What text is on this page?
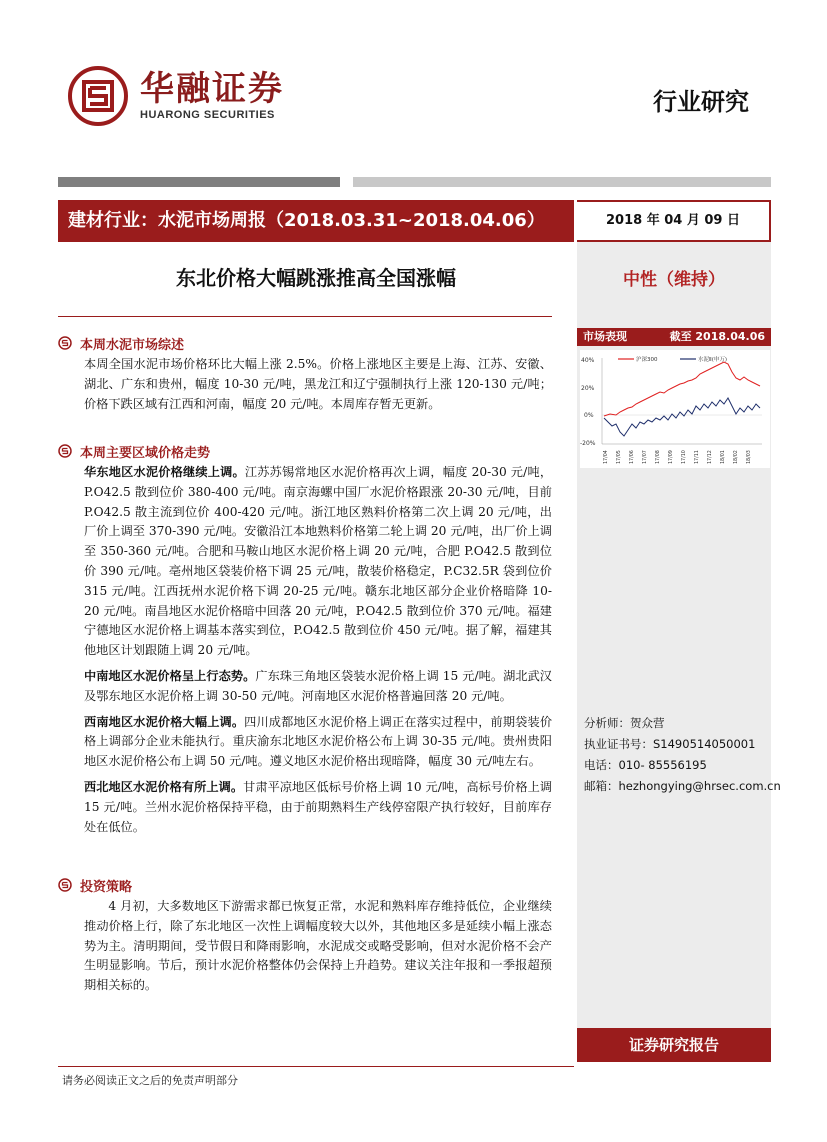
华融证券
HUARONG SECURITIES	行业研究
建材行业：水泥市场周报（2018.03.31~2018.04.06）	2018 年 04 月 09 日
东北价格大幅跳涨推高全国涨幅	中性（维持）
市场表现	截至 2018.04.06
40%
20%
0%
-20%
沪深300	水泥Ⅱ(申万)
17/04 17/05 17/06 17/07 17/08 17/09 17/10 17/11 17/12 18/01 18/02 18/03
分析师：贺众营
执业证书号：S1490514050001
电话：010- 85556195
邮箱：hezhongying@hrsec.com.cn
证券研究报告
本周水泥市场综述

本周全国水泥市场价格环比大幅上涨 2.5%。价格上涨地区主要是上海、江苏、安徽、湖北、广东和贵州，幅度 10-30 元/吨，黑龙江和辽宁强制执行上涨 120-130 元/吨；价格下跌区域有江西和河南，幅度 20 元/吨。本周库存暂无更新。

本周主要区域价格走势

华东地区水泥价格继续上调。江苏苏锡常地区水泥价格再次上调，幅度 20-30 元/吨，P.O42.5 散到位价 380-400 元/吨。南京海螺中国厂水泥价格跟涨 20-30 元/吨，目前 P.O42.5 散主流到位价 400-420 元/吨。浙江地区熟料价格第二次上调 20 元/吨，出厂价上调至 370-390 元/吨。安徽沿江本地熟料价格第二轮上调 20 元/吨，出厂价上调至 350-360 元/吨。合肥和马鞍山地区水泥价格上调 20 元/吨，合肥 P.O42.5 散到位价 390 元/吨。亳州地区袋装价格下调 25 元/吨，散装价格稳定，P.C32.5R 袋到位价 315 元/吨。江西抚州水泥价格下调 20-25 元/吨。赣东北地区部分企业价格暗降 10-20 元/吨。南昌地区水泥价格暗中回落 20 元/吨，P.O42.5 散到位价 370 元/吨。福建宁德地区水泥价格上调基本落实到位，P.O42.5 散到位价 450 元/吨。据了解，福建其他地区计划跟随上调 20 元/吨。

中南地区水泥价格呈上行态势。广东珠三角地区袋装水泥价格上调 15 元/吨。湖北武汉及鄂东地区水泥价格上调 30-50 元/吨。河南地区水泥价格普遍回落 20 元/吨。

西南地区水泥价格大幅上调。四川成都地区水泥价格上调正在落实过程中，前期袋装价格上调部分企业未能执行。重庆渝东北地区水泥价格公布上调 30-35 元/吨。贵州贵阳地区水泥价格公布上调 50 元/吨。遵义地区水泥价格出现暗降，幅度 30 元/吨左右。

西北地区水泥价格有所上调。甘肃平凉地区低标号价格上调 10 元/吨，高标号价格上调 15 元/吨。兰州水泥价格保持平稳，由于前期熟料生产线停窑限产执行较好，目前库存处在低位。

投资策略

4 月初，大多数地区下游需求都已恢复正常，水泥和熟料库存维持低位，企业继续推动价格上行，除了东北地区一次性上调幅度较大以外，其他地区多是延续小幅上涨态势为主。清明期间，受节假日和降雨影响，水泥成交或略受影响，但对水泥价格不会产生明显影响。节后，预计水泥价格整体仍会保持上升趋势。建议关注年报和一季报超预期相关标的。

请务必阅读正文之后的免责声明部分
